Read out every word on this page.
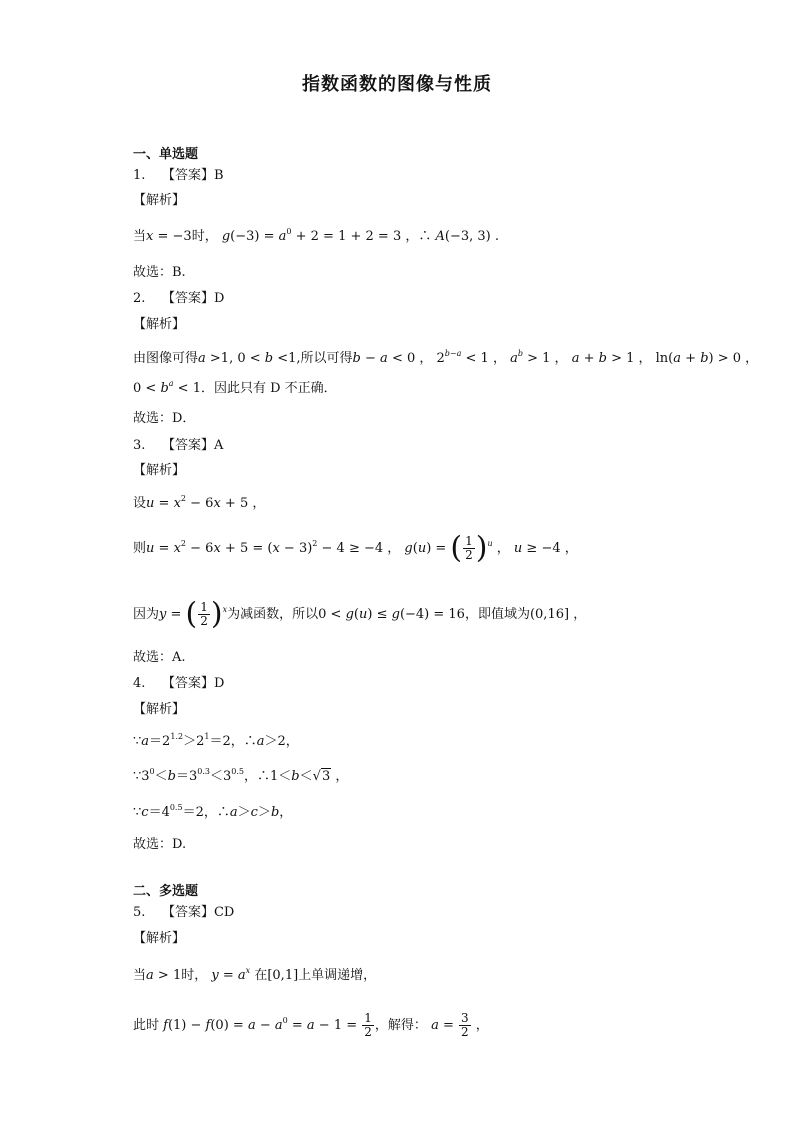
指数函数的图像与性质
一、单选题
1. 【答案】B
【解析】
当x = −3时， $g(-3) = a^0 + 2 = 1 + 2 = 3$ ，∴ A(−3, 3) .
故选：B.
2. 【答案】D
【解析】
由图像可得a >1, 0 < b <1,所以可得b − a < 0 ， $2^{b-a} < 1$ ， $a^b > 1$ ， a + b > 1 ， ln(a + b) > 0 ，
$0 < b^a < 1$．因此只有 D 不正确．
故选：D．
3. 【答案】A
【解析】
设$u = x^2 - 6x + 5$ ，
则$u = x^2 - 6x + 5 = (x - 3)^2 - 4 \ge -4$ ， g(u) = ( $\frac{1}{2} )^u$ ， u ≥ −4 ，
因为y = ( $\frac{1}{2} )^x$为减函数，所以0 < g(u) ≤ g(−4) = 16，即值域为(0,16] ，
故选：A.
4. 【答案】D
【解析】
$\because a=2^{1.2}>2^1=2$，∴a＞2，
$\because 3^0<b=3^{0.3}<3^{0.5}$，∴1＜b＜√3 ，
$\because c=4^{0.5}=2$，∴a＞c＞b，
故选：D.
二、多选题
5. 【答案】CD
【解析】
当a > 1时， $y = a^x$ 在[0,1]上单调递增，
此时 $f(1) - f(0) = a - a^0 = a - 1 = \frac{1}{2}$ ，解得： $a = \frac{3}{2}$ ，
